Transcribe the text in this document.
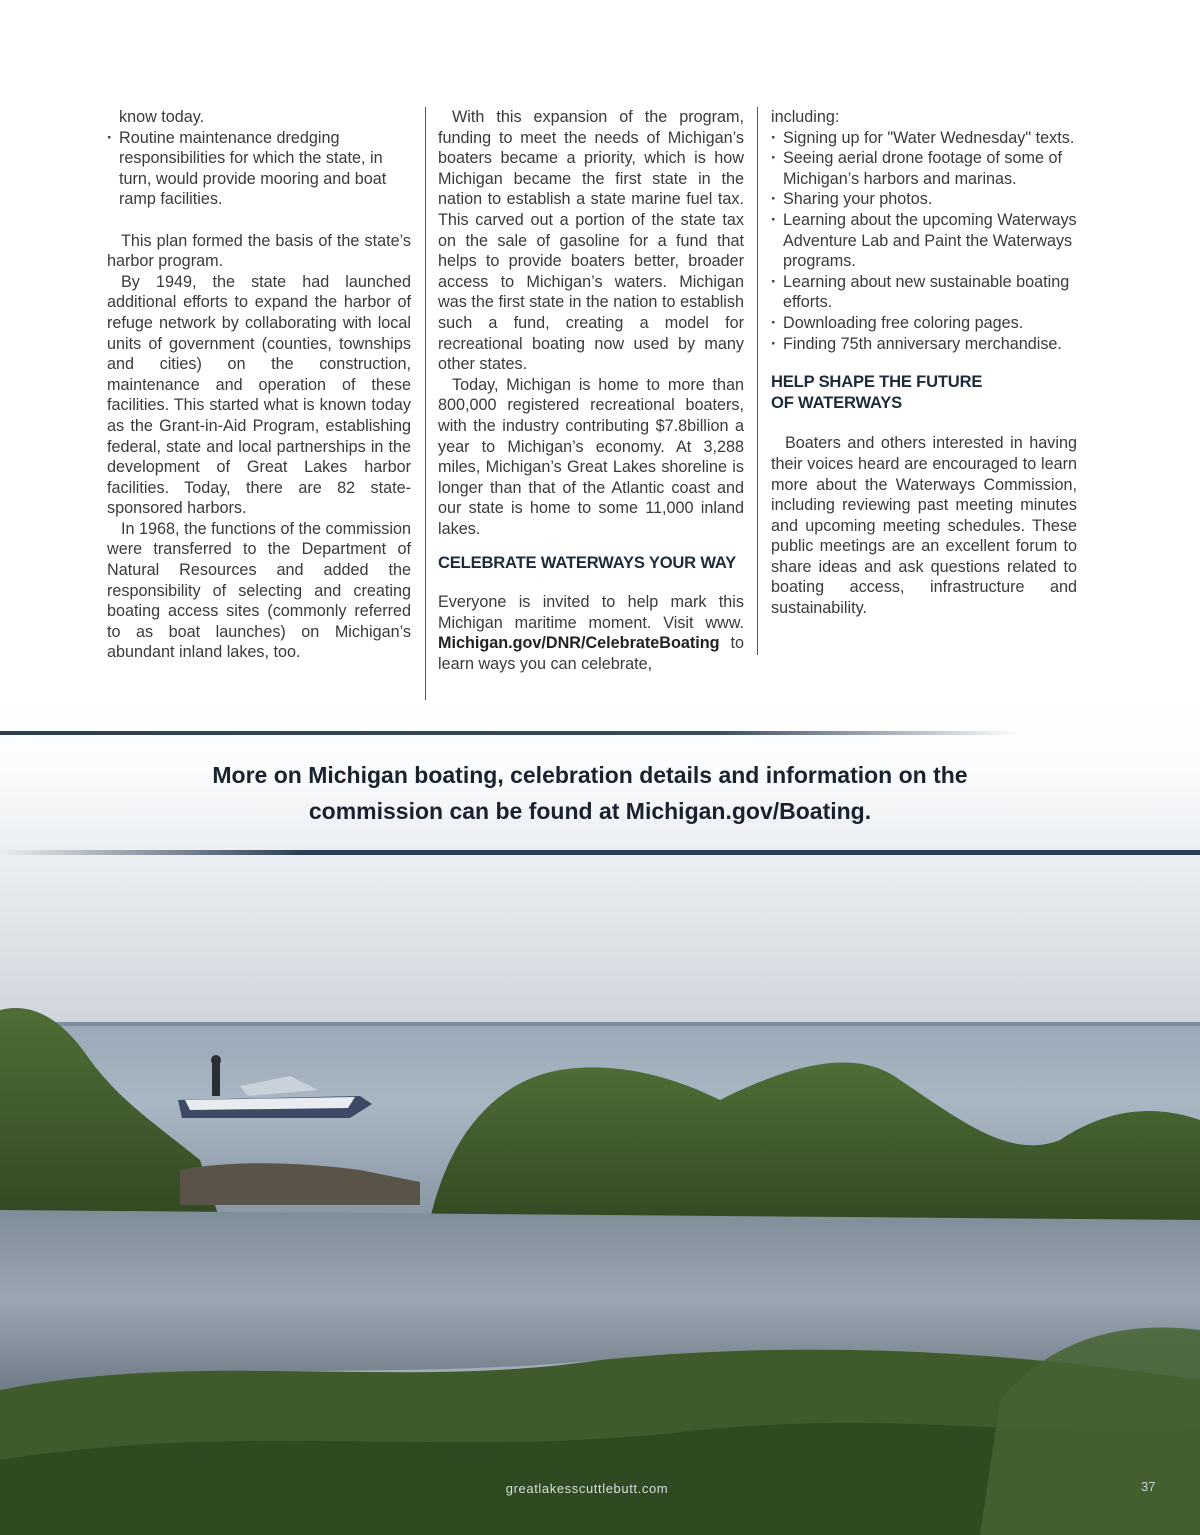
know today.

· Routine maintenance dredging responsibilities for which the state, in turn, would provide mooring and boat ramp facilities.

This plan formed the basis of the state’s harbor program.

By 1949, the state had launched additional efforts to expand the harbor of refuge network by collaborating with local units of government (counties, townships and cities) on the construction, maintenance and operation of these facilities. This started what is known today as the Grant-in-Aid Program, establishing federal, state and local partnerships in the development of Great Lakes harbor facilities. Today, there are 82 state-sponsored harbors.

In 1968, the functions of the commission were transferred to the Department of Natural Resources and added the responsibility of selecting and creating boating access sites (commonly referred to as boat launches) on Michigan’s abundant inland lakes, too.

With this expansion of the program, funding to meet the needs of Michigan’s boaters became a priority, which is how Michigan became the first state in the nation to establish a state marine fuel tax. This carved out a portion of the state tax on the sale of gasoline for a fund that helps to provide boaters better, broader access to Michigan’s waters. Michigan was the first state in the nation to establish such a fund, creating a model for recreational boating now used by many other states.

Today, Michigan is home to more than 800,000 registered recreational boaters, with the industry contributing $7.8billion a year to Michigan’s economy. At 3,288 miles, Michigan’s Great Lakes shoreline is longer than that of the Atlantic coast and our state is home to some 11,000 inland lakes.

CELEBRATE WATERWAYS YOUR WAY

Everyone is invited to help mark this Michigan maritime moment. Visit www. Michigan.gov/DNR/CelebrateBoating to learn ways you can celebrate,

including:

· Signing up for "Water Wednesday" texts.
· Seeing aerial drone footage of some of Michigan’s harbors and marinas.
· Sharing your photos.
· Learning about the upcoming Waterways Adventure Lab and Paint the Waterways programs.
· Learning about new sustainable boating efforts.
· Downloading free coloring pages.
· Finding 75th anniversary merchandise.

HELP SHAPE THE FUTURE
OF WATERWAYS

Boaters and others interested in having their voices heard are encouraged to learn more about the Waterways Commission, including reviewing past meeting minutes and upcoming meeting schedules. These public meetings are an excellent forum to share ideas and ask questions related to boating access, infrastructure and sustainability.

More on Michigan boating, celebration details and information on the
commission can be found at Michigan.gov/Boating.
greatlakesscuttlebutt.com	37
